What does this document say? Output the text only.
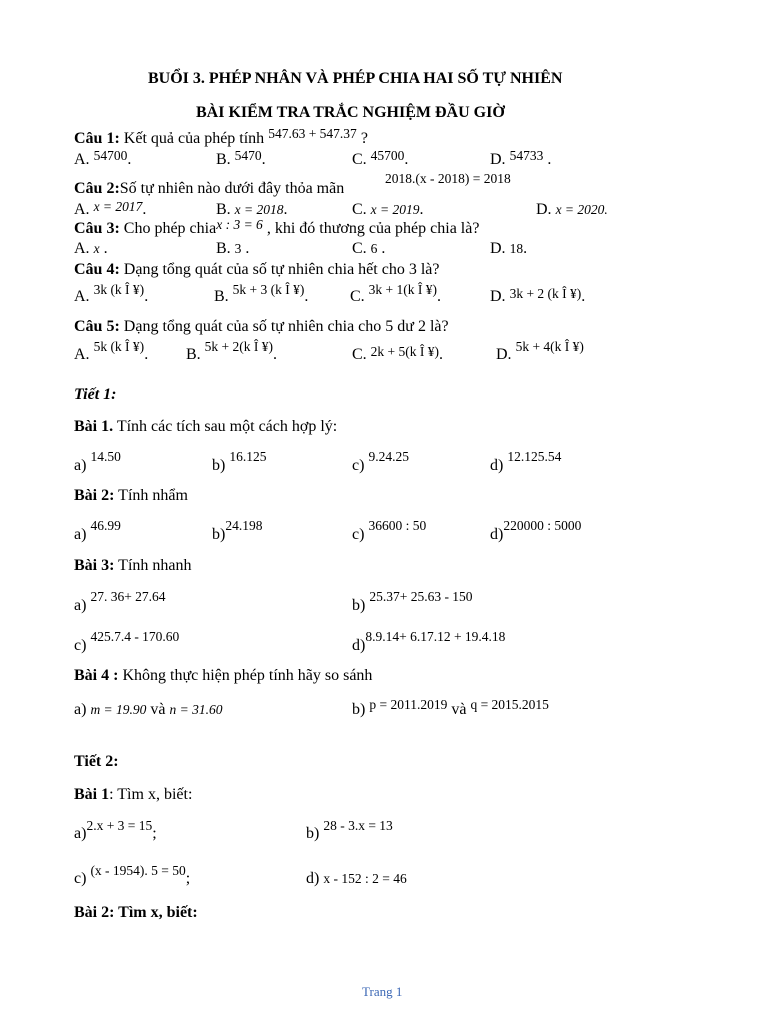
BUỔI 3. PHÉP NHÂN VÀ PHÉP CHIA HAI SỐ TỰ NHIÊN
BÀI KIỂM TRA TRẮC NGHIỆM ĐẦU GIỜ
Câu 1: Kết quả của phép tính $^{547.63 + 547.37}$ ?
A. $^{54700}$.	B. $^{5470}$.	C. $^{45700}$.	D. $^{54733}$ .
Câu 2:Số tự nhiên nào dưới đây thỏa mãn
2018.(x - 2018) = 2018
A. x = 2017.	B. x = 2018.	C. x = 2019.	D. x = 2020.
Câu 3: Cho phép chia$^{x : 3 = 6}$ , khi đó thương của phép chia là?
A. x .	B. 3 .	C. 6 .	D. 18.
Câu 4: Dạng tổng quát của số tự nhiên chia hết cho 3 là?
A. $^{3k (k Î ¥)}$.	B. $^{5k + 3 (k Î ¥)}$.	C. $^{3k + 1(k Î ¥)}$.	D. 3k + 2 (k Î ¥).
Câu 5: Dạng tổng quát của số tự nhiên chia cho 5 dư 2 là?
A. $^{5k (k Î ¥)}$. B. $^{5k + 2(k Î ¥)}$.	C. 2k + 5(k Î ¥).	D. $^{5k + 4(k Î ¥)}$
Tiết 1:
Bài 1. Tính các tích sau một cách hợp lý:
a) $^{14.50}$
b) $^{16.125}$
c) $^{9.24.25}$
d) $^{12.125.54}$
Bài 2: Tính nhẩm
a) $^{46.99}$
b)$^{24.198}$
c) $^{36600 : 50}$
d)$^{220000 : 5000}$
Bài 3: Tính nhanh
a) $^{27. 36+ 27.64}$
b) $^{25.37+ 25.63 - 150}$
c) $^{425.7.4 - 170.60}$
d)$^{8.9.14+ 6.17.12 + 19.4.18}$
Bài 4 : Không thực hiện phép tính hãy so sánh
a) m = 19.90 và n = 31.60	b) $^{p = 2011.2019}$ và $^{q = 2015.2015}$
Tiết 2:
Bài 1: Tìm x, biết:
a)$^{2.x + 3 = 15}$;	b) $^{28 - 3.x = 13}$
c) $^{(x - 1954). 5 = 50}$;	d) x - 152 : 2 = 46
Bài 2: Tìm x, biết:
Trang 1
